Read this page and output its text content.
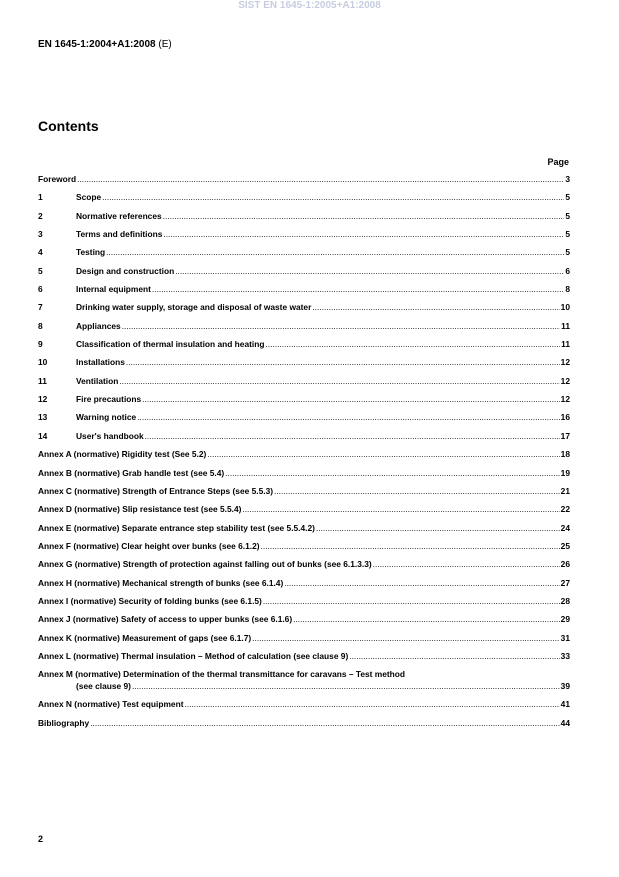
SIST EN 1645-1:2005+A1:2008
EN 1645-1:2004+A1:2008 (E)
Contents
Page
Foreword .....	3
1	Scope .....	5
2	Normative references .....	5
3	Terms and definitions .....	5
4	Testing .....	5
5	Design and construction .....	6
6	Internal equipment .....	8
7	Drinking water supply, storage and disposal of waste water .....	10
8	Appliances .....	11
9	Classification of thermal insulation and heating .....	11
10	Installations .....	12
11	Ventilation .....	12
12	Fire precautions .....	12
13	Warning notice .....	16
14	User's handbook .....	17
Annex A (normative) Rigidity test (See 5.2) .....	18
Annex B (normative) Grab handle test (see 5.4) .....	19
Annex C (normative) Strength of Entrance Steps (see 5.5.3) .....	21
Annex D (normative) Slip resistance test (see 5.5.4) .....	22
Annex E (normative) Separate entrance step stability test (see 5.5.4.2) .....	24
Annex F (normative) Clear height over bunks (see 6.1.2) .....	25
Annex G (normative) Strength of protection against falling out of bunks (see 6.1.3.3) .....	26
Annex H (normative) Mechanical strength of bunks (see 6.1.4) .....	27
Annex I (normative) Security of folding bunks (see 6.1.5) .....	28
Annex J (normative) Safety of access to upper bunks (see 6.1.6) .....	29
Annex K (normative) Measurement of gaps (see 6.1.7) .....	31
Annex L (normative) Thermal insulation – Method of calculation (see clause 9) .....	33
Annex M (normative) Determination of the thermal transmittance for caravans – Test method
(see clause 9) .....	39
Annex N (normative) Test equipment .....	41
Bibliography .....	44
2
